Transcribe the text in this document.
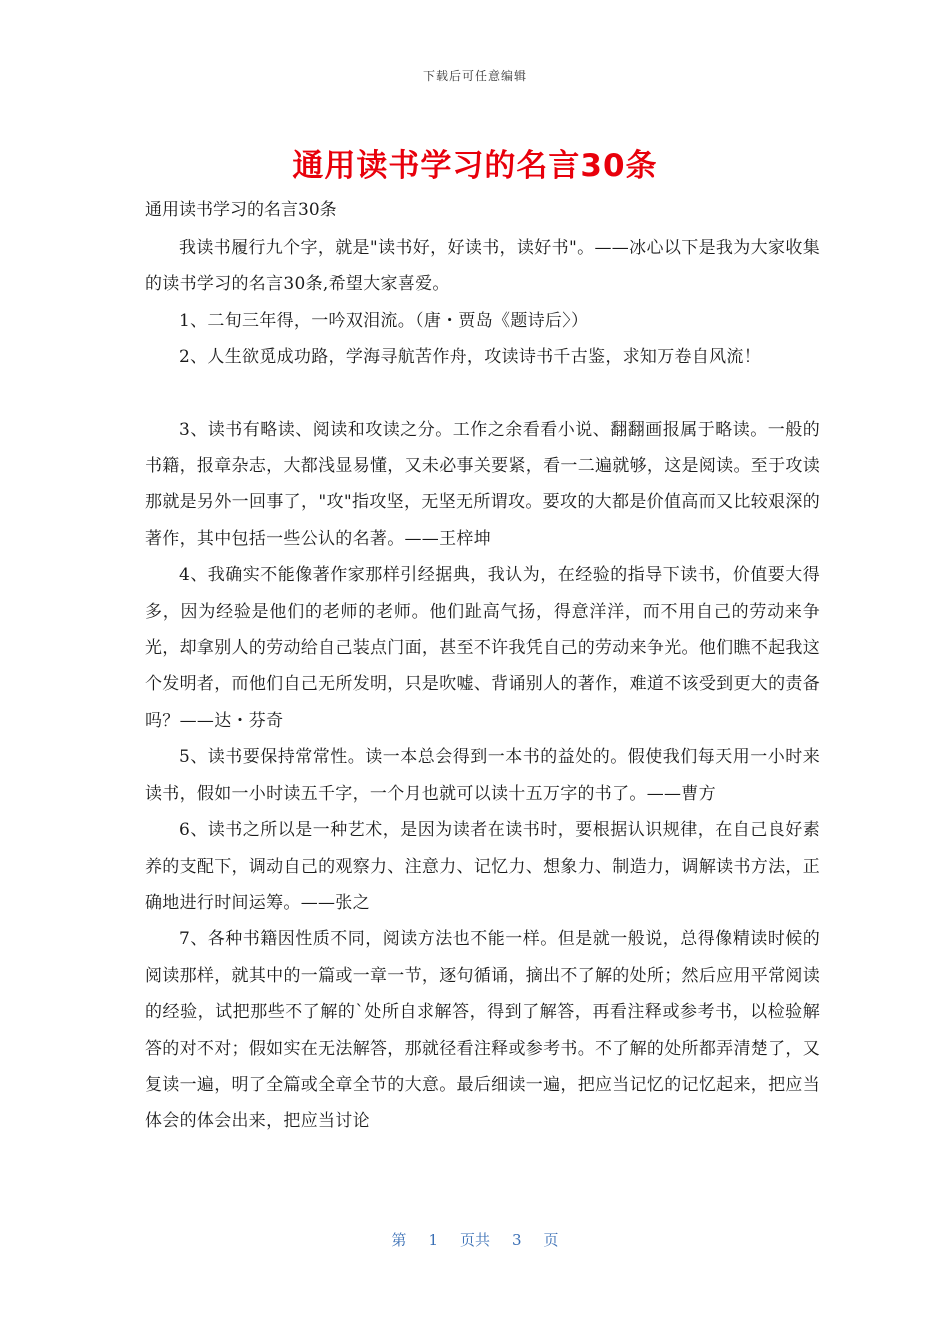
下载后可任意编辑
通用读书学习的名言30条
通用读书学习的名言30条

我读书履行九个字，就是"读书好，好读书，读好书"。——冰心以下是我为大家收集的读书学习的名言30条,希望大家喜爱。

1、二旬三年得，一吟双泪流。（唐・贾岛《题诗后〉）

2、人生欲觅成功路，学海寻航苦作舟，攻读诗书千古鉴，求知万卷自风流！

3、读书有略读、阅读和攻读之分。工作之余看看小说、翻翻画报属于略读。一般的书籍，报章杂志，大都浅显易懂，又未必事关要紧，看一二遍就够，这是阅读。至于攻读那就是另外一回事了，"攻"指攻坚，无坚无所谓攻。要攻的大都是价值高而又比较艰深的著作，其中包括一些公认的名著。——王梓坤

4、我确实不能像著作家那样引经据典，我认为，在经验的指导下读书，价值要大得多，因为经验是他们的老师的老师。他们趾高气扬，得意洋洋，而不用自己的劳动来争光，却拿别人的劳动给自己装点门面，甚至不许我凭自己的劳动来争光。他们瞧不起我这个发明者，而他们自己无所发明，只是吹嘘、背诵别人的著作，难道不该受到更大的责备吗？——达・芬奇

5、读书要保持常常性。读一本总会得到一本书的益处的。假使我们每天用一小时来读书，假如一小时读五千字，一个月也就可以读十五万字的书了。——曹方

6、读书之所以是一种艺术，是因为读者在读书时，要根据认识规律，在自己良好素养的支配下，调动自己的观察力、注意力、记忆力、想象力、制造力，调解读书方法，正确地进行时间运筹。——张之

7、各种书籍因性质不同，阅读方法也不能一样。但是就一般说，总得像精读时候的阅读那样，就其中的一篇或一章一节，逐句循诵，摘出不了解的处所；然后应用平常阅读的经验，试把那些不了解的`处所自求解答，得到了解答，再看注释或参考书，以检验解答的对不对；假如实在无法解答，那就径看注释或参考书。不了解的处所都弄清楚了，又复读一遍，明了全篇或全章全节的大意。最后细读一遍，把应当记忆的记忆起来，把应当体会的体会出来，把应当讨论

第 1 页共 3 页
